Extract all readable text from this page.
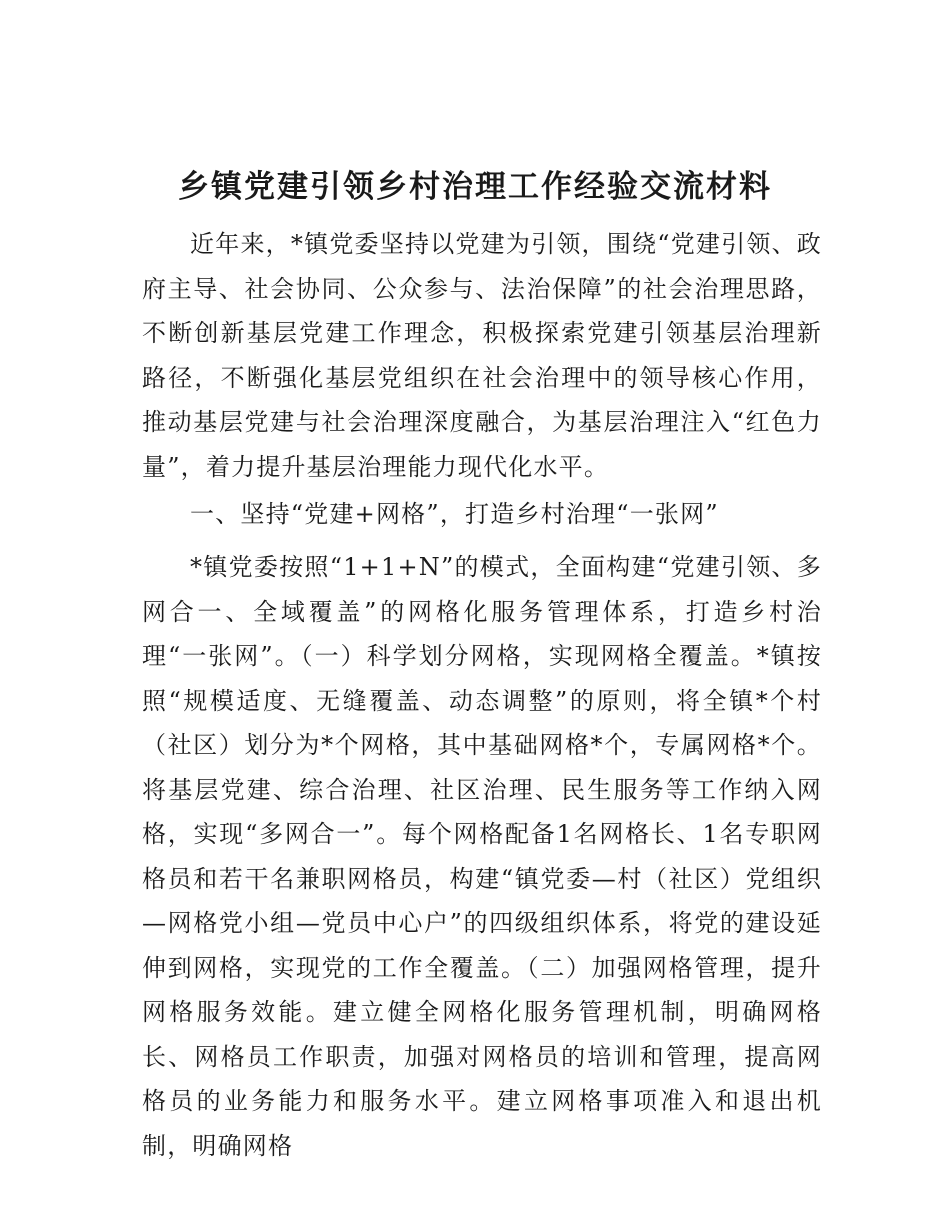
乡镇党建引领乡村治理工作经验交流材料

近年来，*镇党委坚持以党建为引领，围绕“党建引领、政府主导、社会协同、公众参与、法治保障”的社会治理思路，不断创新基层党建工作理念，积极探索党建引领基层治理新路径，不断强化基层党组织在社会治理中的领导核心作用，推动基层党建与社会治理深度融合，为基层治理注入“红色力量”，着力提升基层治理能力现代化水平。

一、坚持“党建+网格”，打造乡村治理“一张网”

*镇党委按照“1+1+N”的模式，全面构建“党建引领、多网合一、全域覆盖”的网格化服务管理体系，打造乡村治理“一张网”。（一）科学划分网格，实现网格全覆盖。*镇按照“规模适度、无缝覆盖、动态调整”的原则，将全镇*个村（社区）划分为*个网格，其中基础网格*个，专属网格*个。将基层党建、综合治理、社区治理、民生服务等工作纳入网格，实现“多网合一”。每个网格配备1名网格长、1名专职网格员和若干名兼职网格员，构建“镇党委—村（社区）党组织—网格党小组—党员中心户”的四级组织体系，将党的建设延伸到网格，实现党的工作全覆盖。（二）加强网格管理，提升网格服务效能。建立健全网格化服务管理机制，明确网格长、网格员工作职责，加强对网格员的培训和管理，提高网格员的业务能力和服务水平。建立网格事项准入和退出机制，明确网格
